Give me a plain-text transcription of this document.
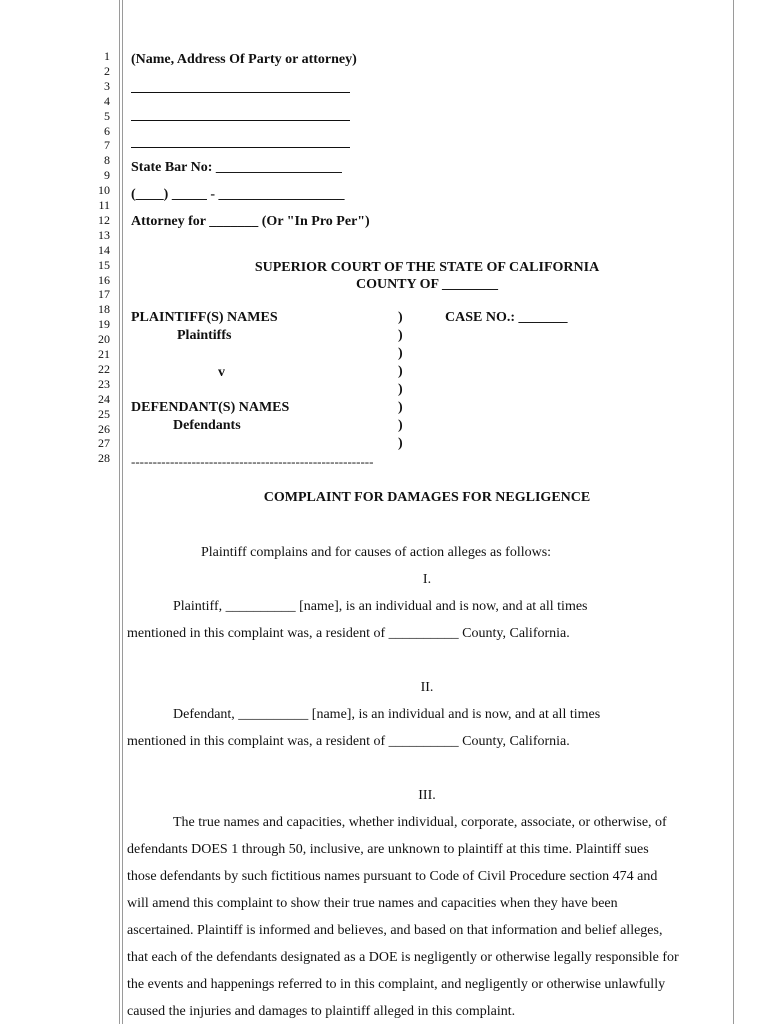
1
2
3
4
5
6
7
8
9
10
11
12
13
14
15
16
17
18
19
20
21
22
23
24
25
26
27
28
(Name, Address Of Party or attorney)
State Bar No: __________________
(____) _____ - __________________
Attorney for _______ (Or "In Pro Per")
SUPERIOR COURT OF THE STATE OF CALIFORNIA
COUNTY OF ________
PLAINTIFF(S) NAMES
Plaintiffs
v
DEFENDANT(S) NAMES
Defendants
CASE NO.: _______
)
)
)
)
)
)
)
)
--------------------------------------------------------
COMPLAINT FOR DAMAGES FOR NEGLIGENCE
Plaintiff complains and for causes of action alleges as follows:
I.
Plaintiff, __________ [name], is an individual and is now, and at all times
mentioned in this complaint was, a resident of __________ County, California.
II.
Defendant, __________ [name], is an individual and is now, and at all times
mentioned in this complaint was, a resident of __________ County, California.
III.
The true names and capacities, whether individual, corporate, associate, or otherwise, of
defendants DOES 1 through 50, inclusive, are unknown to plaintiff at this time. Plaintiff sues
those defendants by such fictitious names pursuant to Code of Civil Procedure section 474 and
will amend this complaint to show their true names and capacities when they have been
ascertained. Plaintiff is informed and believes, and based on that information and belief alleges,
that each of the defendants designated as a DOE is negligently or otherwise legally responsible for
the events and happenings referred to in this complaint, and negligently or otherwise unlawfully
caused the injuries and damages to plaintiff alleged in this complaint.
